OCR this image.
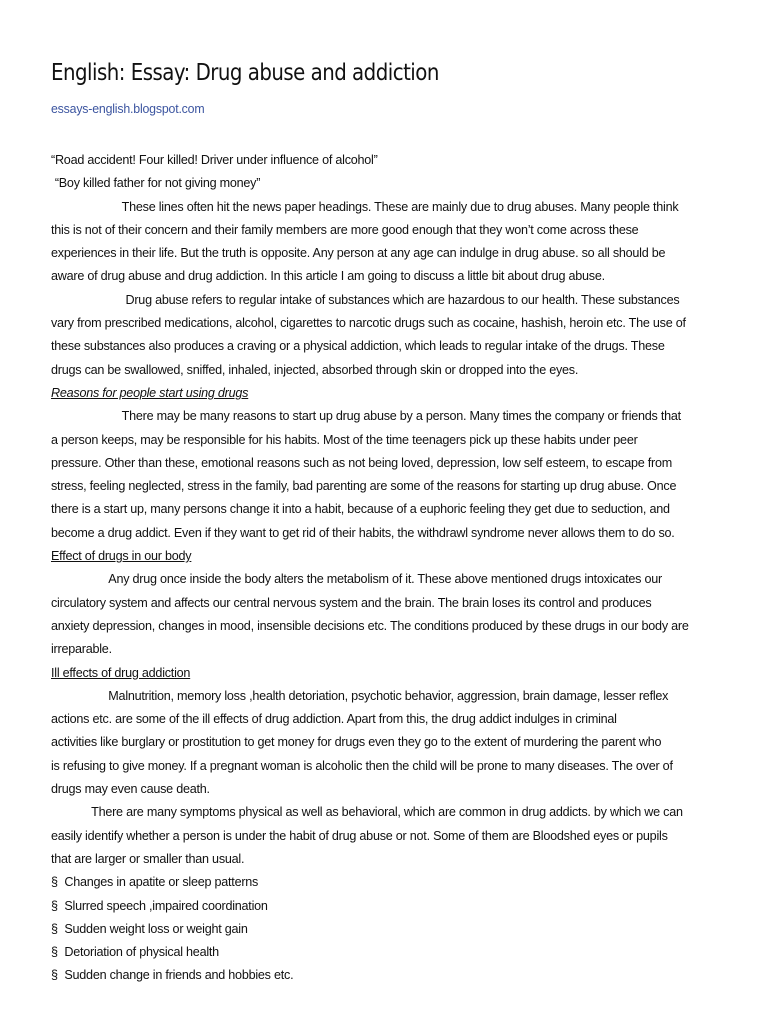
English: Essay: Drug abuse and addiction
essays-english.blogspot.com
“Road accident! Four killed! Driver under influence of alcohol”
“Boy killed father for not giving money”
These lines often hit the news paper headings. These are mainly due to drug abuses. Many people think
this is not of their concern and their family members are more good enough that they won’t come across these
experiences in their life. But the truth is opposite. Any person at any age can indulge in drug abuse. so all should be
aware of drug abuse and drug addiction. In this article I am going to discuss a little bit about drug abuse.
Drug abuse refers to regular intake of substances which are hazardous to our health. These substances
vary from prescribed medications, alcohol, cigarettes to narcotic drugs such as cocaine, hashish, heroin etc. The use of
these substances also produces a craving or a physical addiction, which leads to regular intake of the drugs. These
drugs can be swallowed, sniffed, inhaled, injected, absorbed through skin or dropped into the eyes.
Reasons for people start using drugs
There may be many reasons to start up drug abuse by a person. Many times the company or friends that
a person keeps, may be responsible for his habits. Most of the time teenagers pick up these habits under peer
pressure. Other than these, emotional reasons such as not being loved, depression, low self esteem, to escape from
stress, feeling neglected, stress in the family, bad parenting are some of the reasons for starting up drug abuse. Once
there is a start up, many persons change it into a habit, because of a euphoric feeling they get due to seduction, and
become a drug addict. Even if they want to get rid of their habits, the withdrawl syndrome never allows them to do so.
Effect of drugs in our body
Any drug once inside the body alters the metabolism of it. These above mentioned drugs intoxicates our
circulatory system and affects our central nervous system and the brain. The brain loses its control and produces
anxiety depression, changes in mood, insensible decisions etc. The conditions produced by these drugs in our body are
irreparable.
Ill effects of drug addiction
Malnutrition, memory loss ,health detoriation, psychotic behavior, aggression, brain damage, lesser reflex
actions etc. are some of the ill effects of drug addiction. Apart from this, the drug addict indulges in criminal
activities like burglary or prostitution to get money for drugs even they go to the extent of murdering the parent who
is refusing to give money. If a pregnant woman is alcoholic then the child will be prone to many diseases. The over of
drugs may even cause death.
There are many symptoms physical as well as behavioral, which are common in drug addicts. by which we can
easily identify whether a person is under the habit of drug abuse or not. Some of them are Bloodshed eyes or pupils
that are larger or smaller than usual.
§ Changes in apatite or sleep patterns
§ Slurred speech ,impaired coordination
§ Sudden weight loss or weight gain
§ Detoriation of physical health
§ Sudden change in friends and hobbies etc.
